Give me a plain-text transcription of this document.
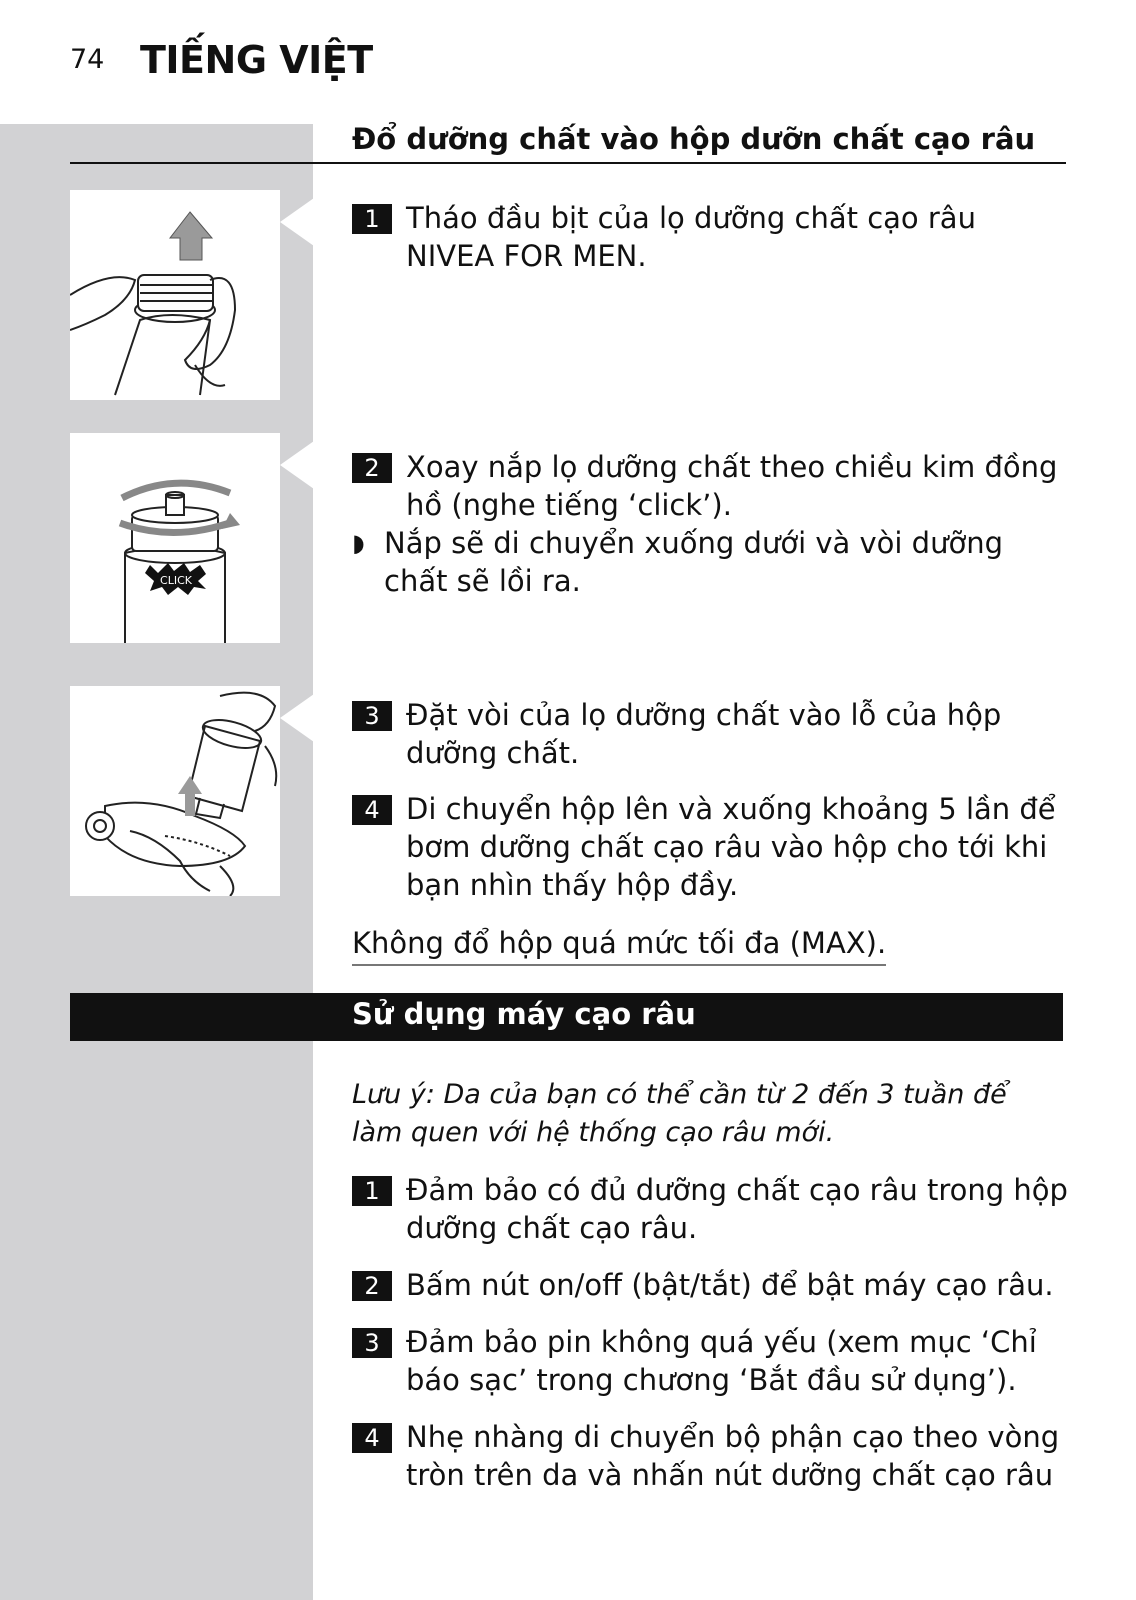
74 TIẾNG VIỆT
Đổ dưỡng chất vào hộp dưỡn chất cạo râu
CLICK
1 Tháo đầu bịt của lọ dưỡng chất cạo râu NIVEA FOR MEN.
2 Xoay nắp lọ dưỡng chất theo chiều kim đồng hồ (nghe tiếng ‘click’).
◗ Nắp sẽ di chuyển xuống dưới và vòi dưỡng chất sẽ lồi ra.
3 Đặt vòi của lọ dưỡng chất vào lỗ của hộp dưỡng chất.
4 Di chuyển hộp lên và xuống khoảng 5 lần để bơm dưỡng chất cạo râu vào hộp cho tới khi bạn nhìn thấy hộp đầy.
Không đổ hộp quá mức tối đa (MAX).
Sử dụng máy cạo râu
Lưu ý: Da của bạn có thể cần từ 2 đến 3 tuần để làm quen với hệ thống cạo râu mới.
1 Đảm bảo có đủ dưỡng chất cạo râu trong hộp dưỡng chất cạo râu.
2 Bấm nút on/off (bật/tắt) để bật máy cạo râu.
3 Đảm bảo pin không quá yếu (xem mục ‘Chỉ báo sạc’ trong chương ‘Bắt đầu sử dụng’).
4 Nhẹ nhàng di chuyển bộ phận cạo theo vòng tròn trên da và nhấn nút dưỡng chất cạo râu
